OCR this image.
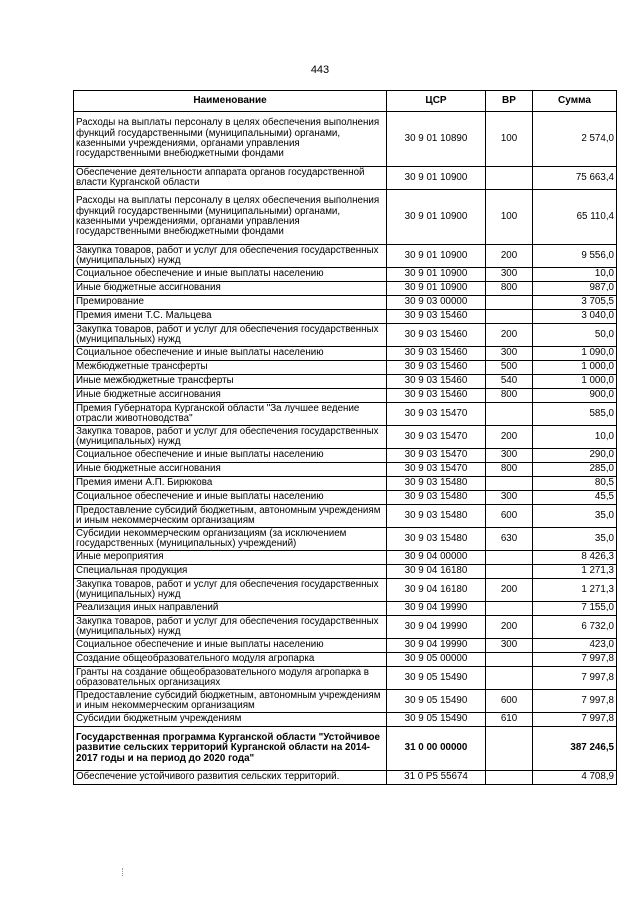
443
Наименование	ЦСР	ВР	Сумма
Расходы на выплаты персоналу в целях обеспечения выполнения функций государственными (муниципальными) органами, казенными учреждениями, органами управления государственными внебюджетными фондами	30 9 01 10890	100	2 574,0
Обеспечение деятельности аппарата органов государственной власти Курганской области	30 9 01 10900		75 663,4
Расходы на выплаты персоналу в целях обеспечения выполнения функций государственными (муниципальными) органами, казенными учреждениями, органами управления государственными внебюджетными фондами	30 9 01 10900	100	65 110,4
Закупка товаров, работ и услуг для обеспечения государственных (муниципальных) нужд	30 9 01 10900	200	9 556,0
Социальное обеспечение и иные выплаты населению	30 9 01 10900	300	10,0
Иные бюджетные ассигнования	30 9 01 10900	800	987,0
Премирование	30 9 03 00000		3 705,5
Премия имени Т.С. Мальцева	30 9 03 15460		3 040,0
Закупка товаров, работ и услуг для обеспечения государственных (муниципальных) нужд	30 9 03 15460	200	50,0
Социальное обеспечение и иные выплаты населению	30 9 03 15460	300	1 090,0
Межбюджетные трансферты	30 9 03 15460	500	1 000,0
Иные межбюджетные трансферты	30 9 03 15460	540	1 000,0
Иные бюджетные ассигнования	30 9 03 15460	800	900,0
Премия Губернатора Курганской области "За лучшее ведение отрасли животноводства"	30 9 03 15470		585,0
Закупка товаров, работ и услуг для обеспечения государственных (муниципальных) нужд	30 9 03 15470	200	10,0
Социальное обеспечение и иные выплаты населению	30 9 03 15470	300	290,0
Иные бюджетные ассигнования	30 9 03 15470	800	285,0
Премия имени А.П. Бирюкова	30 9 03 15480		80,5
Социальное обеспечение и иные выплаты населению	30 9 03 15480	300	45,5
Предоставление субсидий бюджетным, автономным учреждениям и иным некоммерческим организациям	30 9 03 15480	600	35,0
Субсидии некоммерческим организациям (за исключением государственных (муниципальных) учреждений)	30 9 03 15480	630	35,0
Иные мероприятия	30 9 04 00000		8 426,3
Специальная продукция	30 9 04 16180		1 271,3
Закупка товаров, работ и услуг для обеспечения государственных (муниципальных) нужд	30 9 04 16180	200	1 271,3
Реализация иных направлений	30 9 04 19990		7 155,0
Закупка товаров, работ и услуг для обеспечения государственных (муниципальных) нужд	30 9 04 19990	200	6 732,0
Социальное обеспечение и иные выплаты населению	30 9 04 19990	300	423,0
Создание общеобразовательного модуля агропарка	30 9 05 00000		7 997,8
Гранты на создание общеобразовательного модуля агропарка в образовательных организациях	30 9 05 15490		7 997,8
Предоставление субсидий бюджетным, автономным учреждениям и иным некоммерческим организациям	30 9 05 15490	600	7 997,8
Субсидии бюджетным учреждениям	30 9 05 15490	610	7 997,8
Государственная программа Курганской области "Устойчивое развитие сельских территорий Курганской области на 2014-2017 годы и на период до 2020 года"	31 0 00 00000		387 246,5
Обеспечение устойчивого развития сельских территорий.	31 0 Р5 55674		4 708,9
